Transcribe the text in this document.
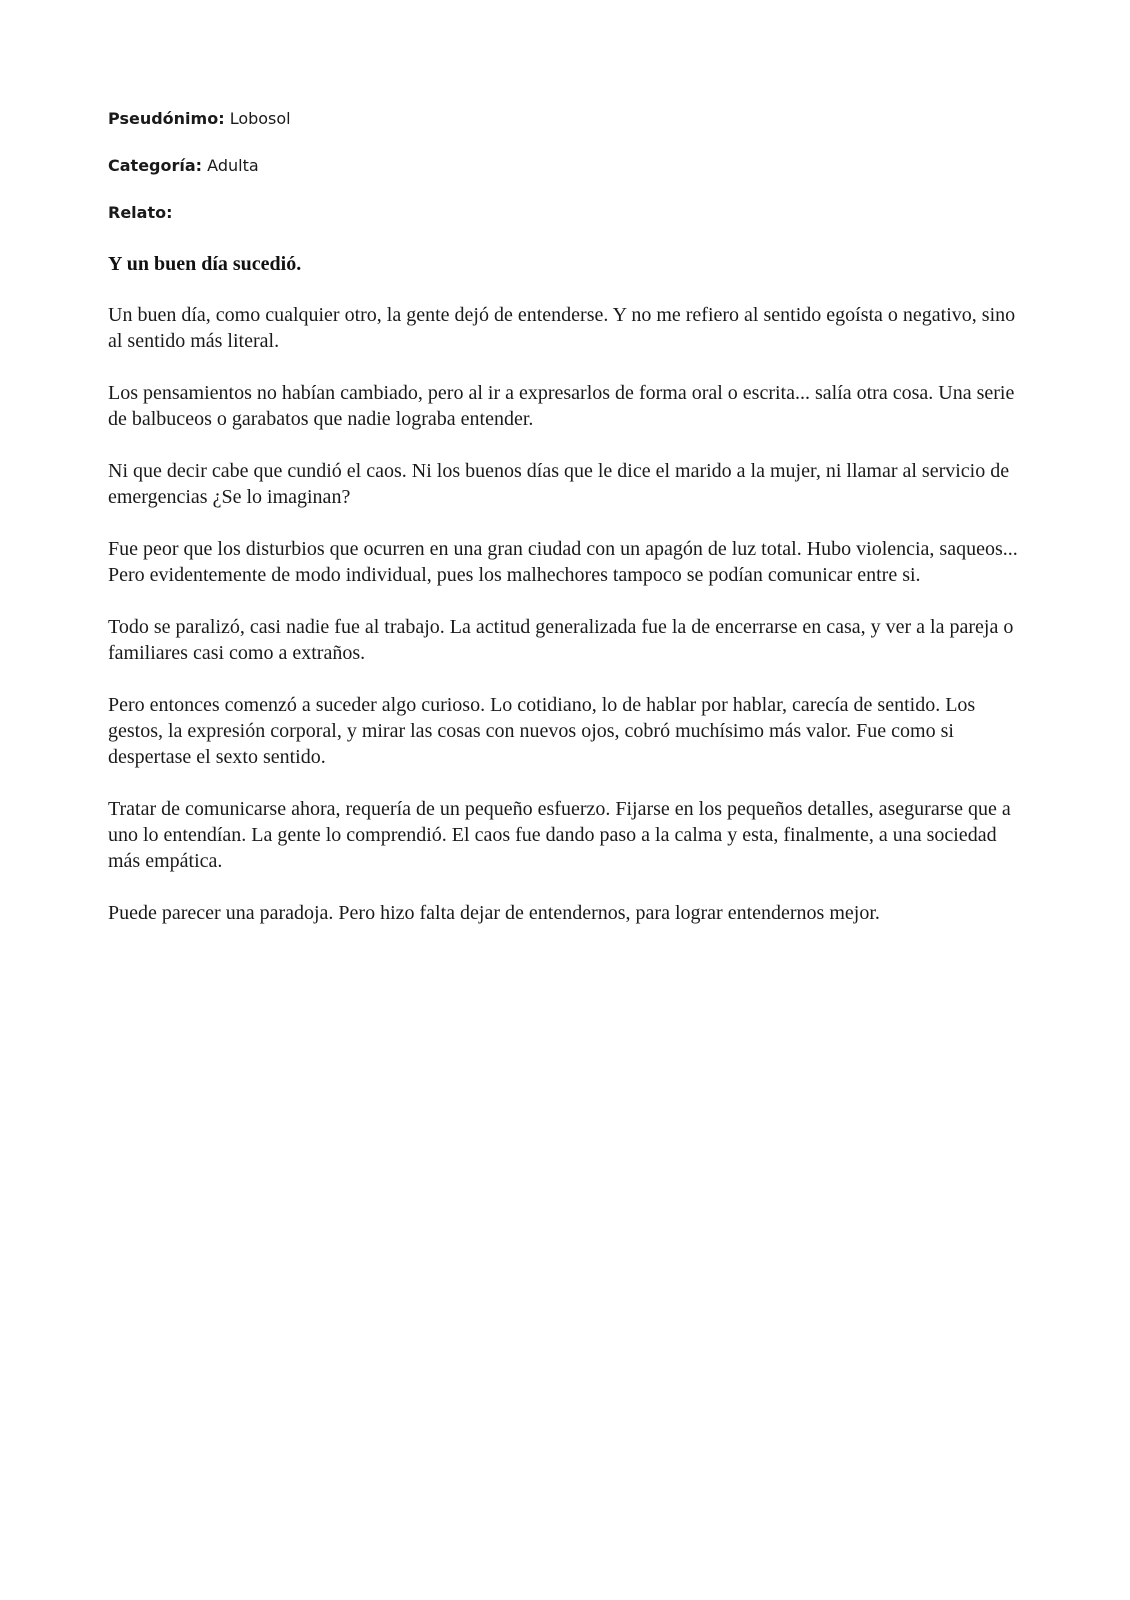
Pseudónimo: Lobosol

Categoría: Adulta

Relato:

Y un buen día sucedió.

Un buen día, como cualquier otro, la gente dejó de entenderse. Y no me refiero al sentido egoísta o negativo, sino al sentido más literal.

Los pensamientos no habían cambiado, pero al ir a expresarlos de forma oral o escrita... salía otra cosa. Una serie de balbuceos o garabatos que nadie lograba entender.

Ni que decir cabe que cundió el caos. Ni los buenos días que le dice el marido a la mujer, ni llamar al servicio de emergencias ¿Se lo imaginan?

Fue peor que los disturbios que ocurren en una gran ciudad con un apagón de luz total. Hubo violencia, saqueos... Pero evidentemente de modo individual, pues los malhechores tampoco se podían comunicar entre si.

Todo se paralizó, casi nadie fue al trabajo. La actitud generalizada fue la de encerrarse en casa, y ver a la pareja o familiares casi como a extraños.

Pero entonces comenzó a suceder algo curioso. Lo cotidiano, lo de hablar por hablar, carecía de sentido. Los gestos, la expresión corporal, y mirar las cosas con nuevos ojos, cobró muchísimo más valor. Fue como si despertase el sexto sentido.

Tratar de comunicarse ahora, requería de un pequeño esfuerzo. Fijarse en los pequeños detalles, asegurarse que a uno lo entendían. La gente lo comprendió. El caos fue dando paso a la calma y esta, finalmente, a una sociedad más empática.

Puede parecer una paradoja. Pero hizo falta dejar de entendernos, para lograr entendernos mejor.
